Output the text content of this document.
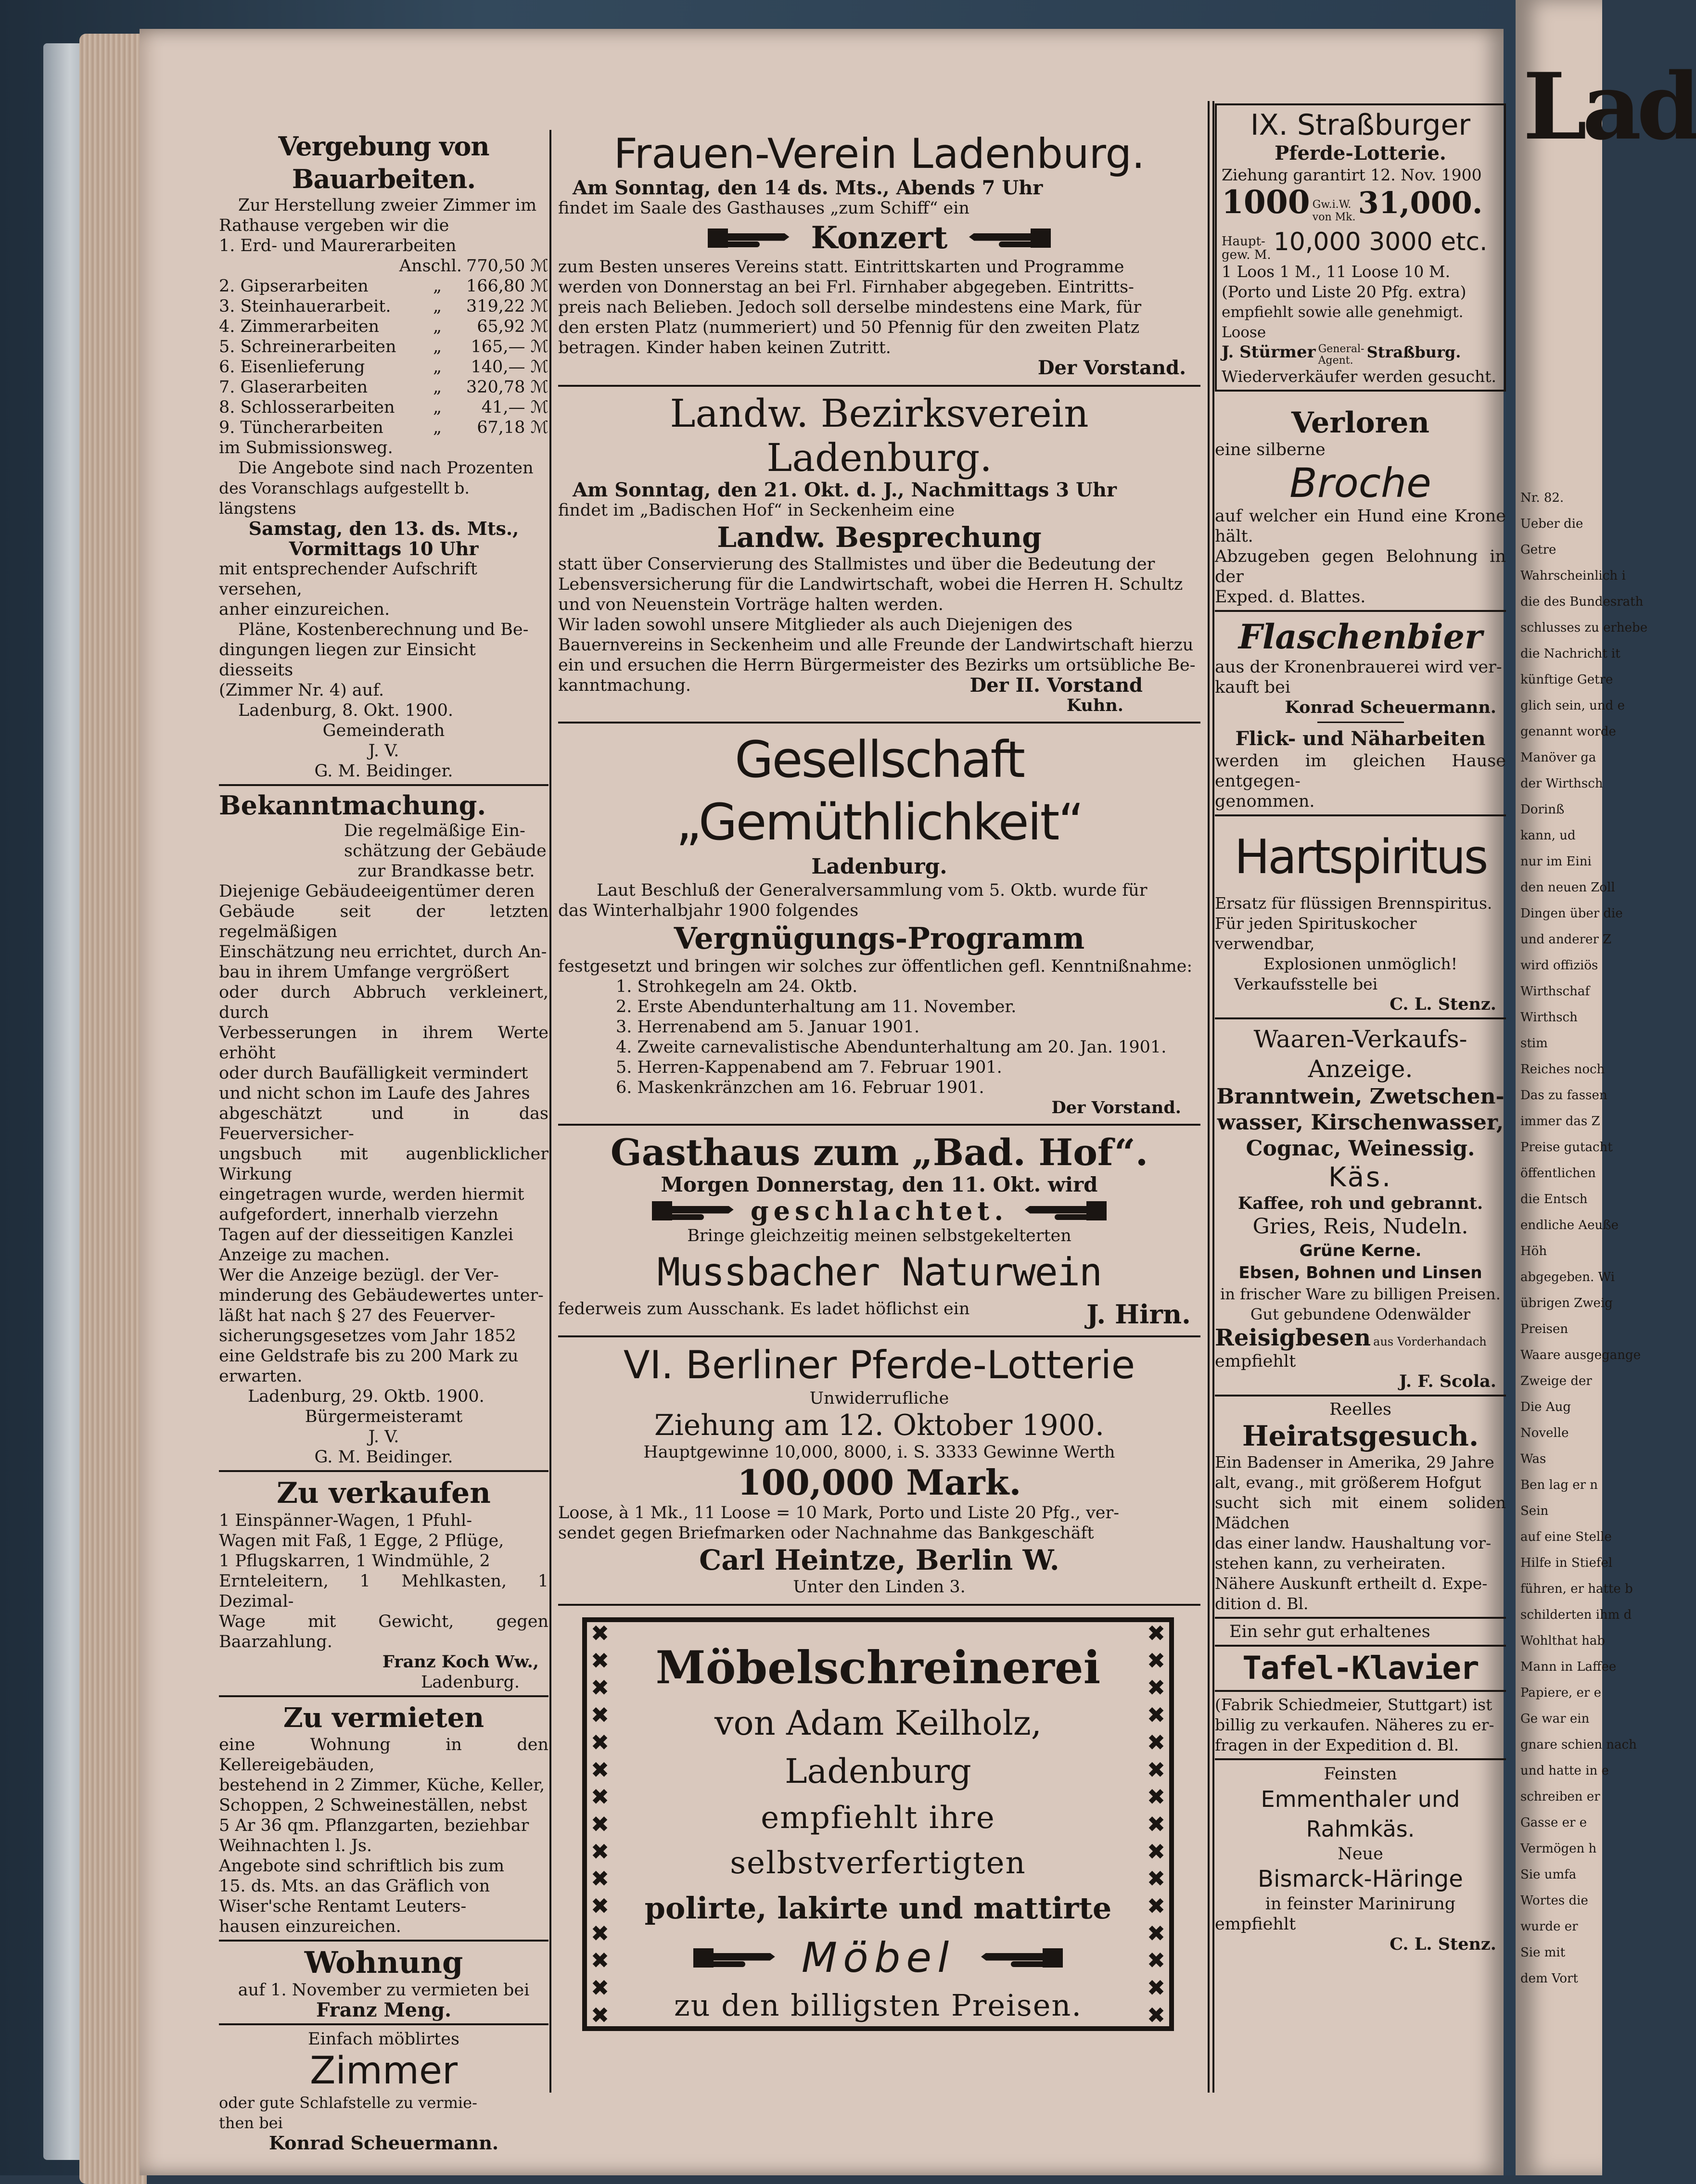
Lad
Nr. 82.
Ueber die
Getre
Wahrscheinlich i
die des Bundesrath
schlusses zu erhebe
die Nachricht it
künftige Getre
glich sein, und e
genannt worde
Manöver ga
der Wirthsch
Dorinß
kann, ud
nur im Eini
den neuen Zoll
Dingen über die
und anderer Z
wird offiziös
Wirthschaf
Wirthsch
stim
Reiches noch
Das zu fassen
immer das Z
Preise gutacht
öffentlichen
die Entsch
endliche Aeuße
Höh
abgegeben. Wi
übrigen Zweig
Preisen
Waare ausgegange
Zweige der
Die Aug
Novelle
Was
Ben lag er n
Sein
auf eine Stelle
Hilfe in Stiefel
führen, er hatte b
schilderten ihm d
Wohlthat hab
Mann in Laffee
Papiere, er e
Ge war ein
gnare schien nach
und hatte in e
schreiben er
Gasse er e
Vermögen h
Sie umfa
Wortes die
wurde er
Sie mit
dem Vort
Vergebung von Bauarbeiten.
Zur Herstellung zweier Zimmer im
Rathause vergeben wir die
1. Erd- und Maurerarbeiten
Anschl. 770,50 ℳ
2. Gipserarbeiten	„ 166,80 ℳ
3. Steinhauerarbeit. „ 319,22 ℳ
4. Zimmerarbeiten	„ 65,92 ℳ
5. Schreinerarbeiten „ 165,— ℳ
6. Eisenlieferung	„ 140,— ℳ
7. Glaserarbeiten	„ 320,78 ℳ
8. Schlosserarbeiten „ 41,— ℳ
9. Tüncherarbeiten	„ 67,18 ℳ
im Submissionsweg.
Die Angebote sind nach Prozenten
des Voranschlags aufgestellt b. längstens
Samstag, den 13. ds. Mts.,
Vormittags 10 Uhr
mit entsprechender Aufschrift versehen,
anher einzureichen.
Pläne, Kostenberechnung und Be-
dingungen liegen zur Einsicht diesseits
(Zimmer Nr. 4) auf.
Ladenburg, 8. Okt. 1900.
Gemeinderath
J. V.
G. M. Beidinger.
Bekanntmachung.
Die regelmäßige Ein-
schätzung der Gebäude
zur Brandkasse betr.
Diejenige Gebäudeeigentümer deren
Gebäude seit der letzten regelmäßigen
Einschätzung neu errichtet, durch An-
bau in ihrem Umfange vergrößert
oder durch Abbruch verkleinert, durch
Verbesserungen in ihrem Werte erhöht
oder durch Baufälligkeit vermindert
und nicht schon im Laufe des Jahres
abgeschätzt und in das Feuerversicher-
ungsbuch mit augenblicklicher Wirkung
eingetragen wurde, werden hiermit
aufgefordert, innerhalb vierzehn
Tagen auf der diesseitigen Kanzlei
Anzeige zu machen.
Wer die Anzeige bezügl. der Ver-
minderung des Gebäudewertes unter-
läßt hat nach § 27 des Feuerver-
sicherungsgesetzes vom Jahr 1852
eine Geldstrafe bis zu 200 Mark zu
erwarten.
Ladenburg, 29. Oktb. 1900.
Bürgermeisteramt
J. V.
G. M. Beidinger.
Zu verkaufen
1 Einspänner-Wagen, 1 Pfuhl-
Wagen mit Faß, 1 Egge, 2 Pflüge,
1 Pflugskarren, 1 Windmühle, 2
Ernteleitern, 1 Mehlkasten, 1 Dezimal-
Wage mit Gewicht, gegen Baarzahlung.
Franz Koch Ww.,
Ladenburg.
Zu vermieten
eine Wohnung in den Kellereigebäuden,
bestehend in 2 Zimmer, Küche, Keller,
Schoppen, 2 Schweineställen, nebst
5 Ar 36 qm. Pflanzgarten, beziehbar
Weihnachten l. Js.
Angebote sind schriftlich bis zum
15. ds. Mts. an das Gräflich von
Wiser'sche Rentamt Leuters-
hausen einzureichen.
Wohnung
auf 1. November zu vermieten bei
Franz Meng.
Einfach möblirtes
Zimmer
oder gute Schlafstelle zu vermie-
then bei
Konrad Scheuermann.
Frauen-Verein Ladenburg.
Am Sonntag, den 14 ds. Mts., Abends 7 Uhr
findet im Saale des Gasthauses „zum Schiff“ ein
Konzert
zum Besten unseres Vereins statt. Eintrittskarten und Programme
werden von Donnerstag an bei Frl. Firnhaber abgegeben. Eintritts-
preis nach Belieben. Jedoch soll derselbe mindestens eine Mark, für
den ersten Platz (nummeriert) und 50 Pfennig für den zweiten Platz
betragen. Kinder haben keinen Zutritt.
Der Vorstand.
Landw. Bezirksverein Ladenburg.
Am Sonntag, den 21. Okt. d. J., Nachmittags 3 Uhr
findet im „Badischen Hof“ in Seckenheim eine
Landw. Besprechung
statt über Conservierung des Stallmistes und über die Bedeutung der
Lebensversicherung für die Landwirtschaft, wobei die Herren H. Schultz
und von Neuenstein Vorträge halten werden.
Wir laden sowohl unsere Mitglieder als auch Diejenigen des
Bauernvereins in Seckenheim und alle Freunde der Landwirtschaft hierzu
ein und ersuchen die Herrn Bürgermeister des Bezirks um ortsübliche Be-
kanntmachung.	Der II. Vorstand
Kuhn.
Gesellschaft „Gemüthlichkeit“
Ladenburg.
Laut Beschluß der Generalversammlung vom 5. Oktb. wurde für
das Winterhalbjahr 1900 folgendes
Vergnügungs-Programm
festgesetzt und bringen wir solches zur öffentlichen gefl. Kenntnißnahme:
1. Strohkegeln am 24. Oktb.
2. Erste Abendunterhaltung am 11. November.
3. Herrenabend am 5. Januar 1901.
4. Zweite carnevalistische Abendunterhaltung am 20. Jan. 1901.
5. Herren-Kappenabend am 7. Februar 1901.
6. Maskenkränzchen am 16. Februar 1901.
Der Vorstand.
Gasthaus zum „Bad. Hof“.
Morgen Donnerstag, den 11. Okt. wird
geschlachtet.
Bringe gleichzeitig meinen selbstgekelterten
Mussbacher Naturwein
federweis zum Ausschank. Es ladet höflichst ein	J. Hirn.
VI. Berliner Pferde-Lotterie
Unwiderrufliche
Ziehung am 12. Oktober 1900.
Hauptgewinne 10,000, 8000, i. S. 3333 Gewinne Werth
100,000 Mark.
Loose, à 1 Mk., 11 Loose = 10 Mark, Porto und Liste 20 Pfg., ver-
sendet gegen Briefmarken oder Nachnahme das Bankgeschäft
Carl Heintze, Berlin W.
Unter den Linden 3.
✖
✖
✖
✖
✖
✖
✖
✖
✖
✖
✖
✖
✖
✖
✖
✖
✖
✖
✖
✖
✖
✖
✖
✖
✖
✖
✖
✖
✖
✖
Möbelschreinerei
von Adam Keilholz, Ladenburg
empfiehlt ihre selbstverfertigten
polirte, lakirte und mattirte
Möbel
zu den billigsten Preisen.
IX. Straßburger
Pferde-Lotterie.
Ziehung garantirt 12. Nov. 1900
1000 Gw.i.W.
von Mk. 31,000.
Haupt-
gew. M. 10,000 3000 etc.
1 Loos 1 M., 11 Loose 10 M.
(Porto und Liste 20 Pfg. extra)
empfiehlt sowie alle genehmigt. Loose
J. Stürmer General-
Agent. Straßburg.
Wiederverkäufer werden gesucht.
Verloren
eine silberne
Broche
auf welcher ein Hund eine Krone hält.
Abzugeben gegen Belohnung in der
Exped. d. Blattes.
Flaschenbier
aus der Kronenbrauerei wird ver-
kauft bei
Konrad Scheuermann.
Flick- und Näharbeiten
werden im gleichen Hause entgegen-
genommen.
Hartspiritus
Ersatz für flüssigen Brennspiritus.
Für jeden Spirituskocher verwendbar,
Explosionen unmöglich!
Verkaufsstelle bei
C. L. Stenz.
Waaren-Verkaufs-Anzeige.
Branntwein, Zwetschen-
wasser, Kirschenwasser,
Cognac, Weinessig.
Käs.
Kaffee, roh und gebrannt.
Gries, Reis, Nudeln.
Grüne Kerne.
Ebsen, Bohnen und Linsen
in frischer Ware zu billigen Preisen.
Gut gebundene Odenwälder
Reisigbesen aus Vorderhandach
empfiehlt
J. F. Scola.
Reelles
Heiratsgesuch.
Ein Badenser in Amerika, 29 Jahre
alt, evang., mit größerem Hofgut
sucht sich mit einem soliden Mädchen
das einer landw. Haushaltung vor-
stehen kann, zu verheiraten.
Nähere Auskunft ertheilt d. Expe-
dition d. Bl.
Ein sehr gut erhaltenes
Tafel-Klavier
(Fabrik Schiedmeier, Stuttgart) ist
billig zu verkaufen. Näheres zu er-
fragen in der Expedition d. Bl.
Feinsten
Emmenthaler und Rahmkäs.
Neue
Bismarck-Häringe
in feinster Marinirung
empfiehlt
C. L. Stenz.
